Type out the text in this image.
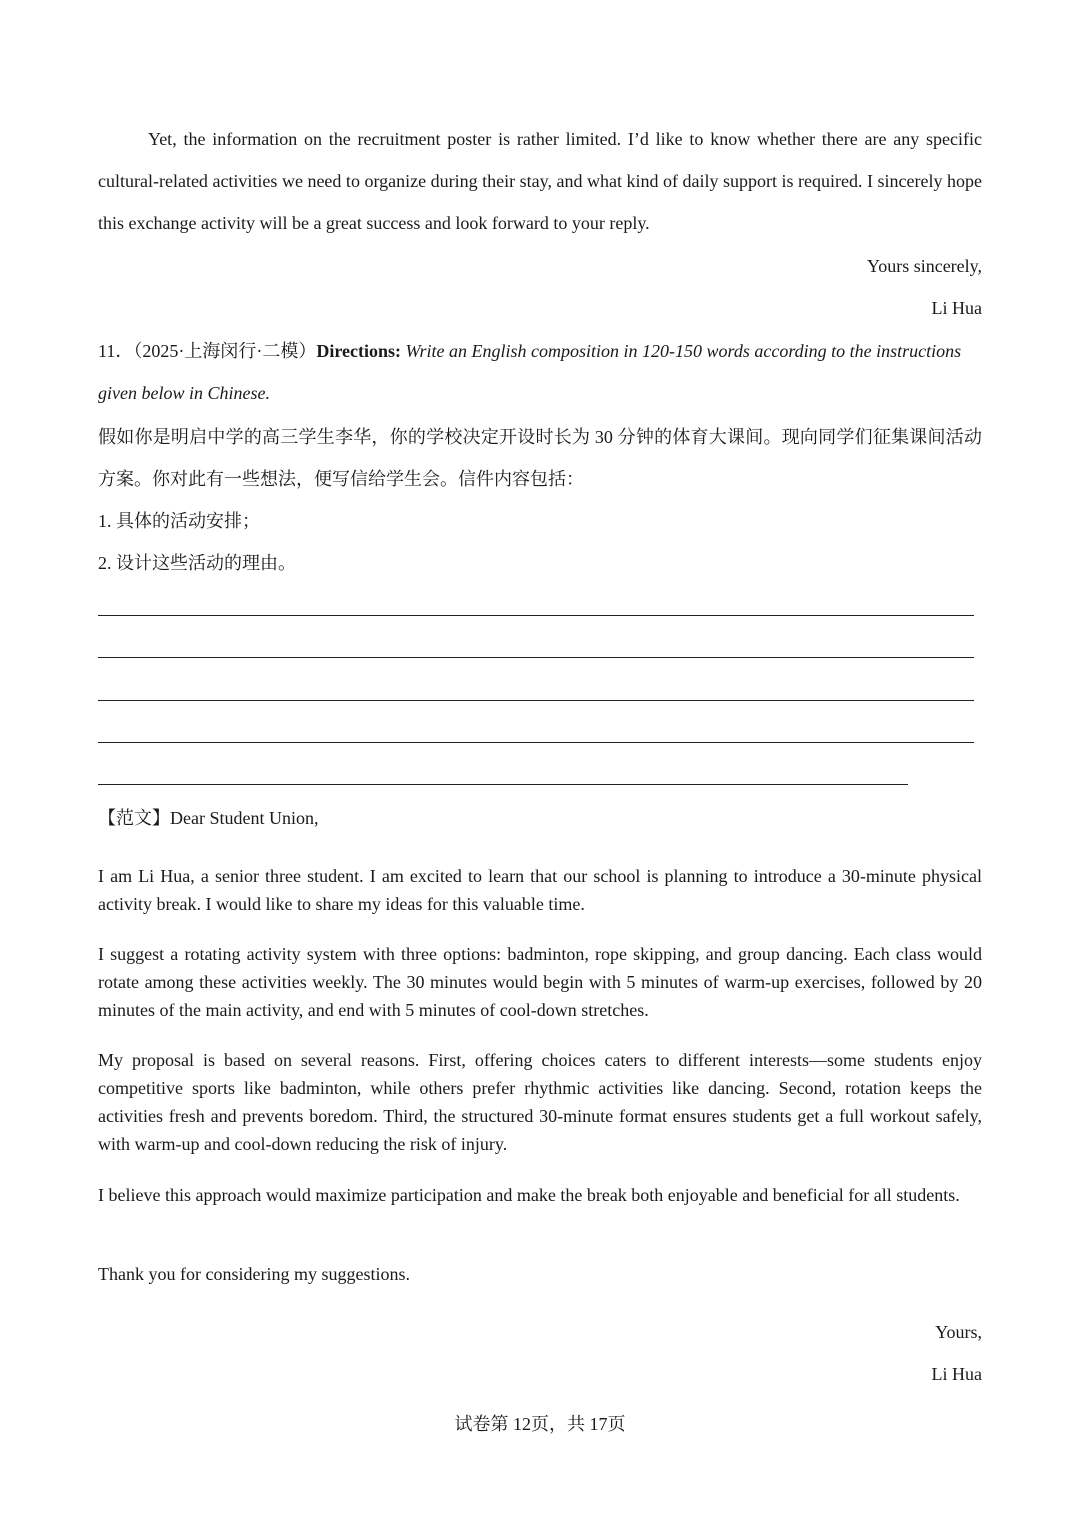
Yet, the information on the recruitment poster is rather limited. I’d like to know whether there are any specific cultural-related activities we need to organize during their stay, and what kind of daily support is required. I sincerely hope this exchange activity will be a great success and look forward to your reply.
Yours sincerely,
Li Hua
11．（2025·上海闵行·二模）Directions: Write an English composition in 120-150 words according to the instructions given below in Chinese.
假如你是明启中学的高三学生李华，你的学校决定开设时长为 30 分钟的体育大课间。现向同学们征集课间活动方案。你对此有一些想法，便写信给学生会。信件内容包括：
1. 具体的活动安排；
2. 设计这些活动的理由。
【范文】Dear Student Union,

I am Li Hua, a senior three student. I am excited to learn that our school is planning to introduce a 30-minute physical activity break. I would like to share my ideas for this valuable time.

I suggest a rotating activity system with three options: badminton, rope skipping, and group dancing. Each class would rotate among these activities weekly. The 30 minutes would begin with 5 minutes of warm-up exercises, followed by 20 minutes of the main activity, and end with 5 minutes of cool-down stretches.

My proposal is based on several reasons. First, offering choices caters to different interests—some students enjoy competitive sports like badminton, while others prefer rhythmic activities like dancing. Second, rotation keeps the activities fresh and prevents boredom. Third, the structured 30-minute format ensures students get a full workout safely, with warm-up and cool-down reducing the risk of injury.

I believe this approach would maximize participation and make the break both enjoyable and beneficial for all students.

Thank you for considering my suggestions.

Yours,
Li Hua
试卷第 12页，共 17页
